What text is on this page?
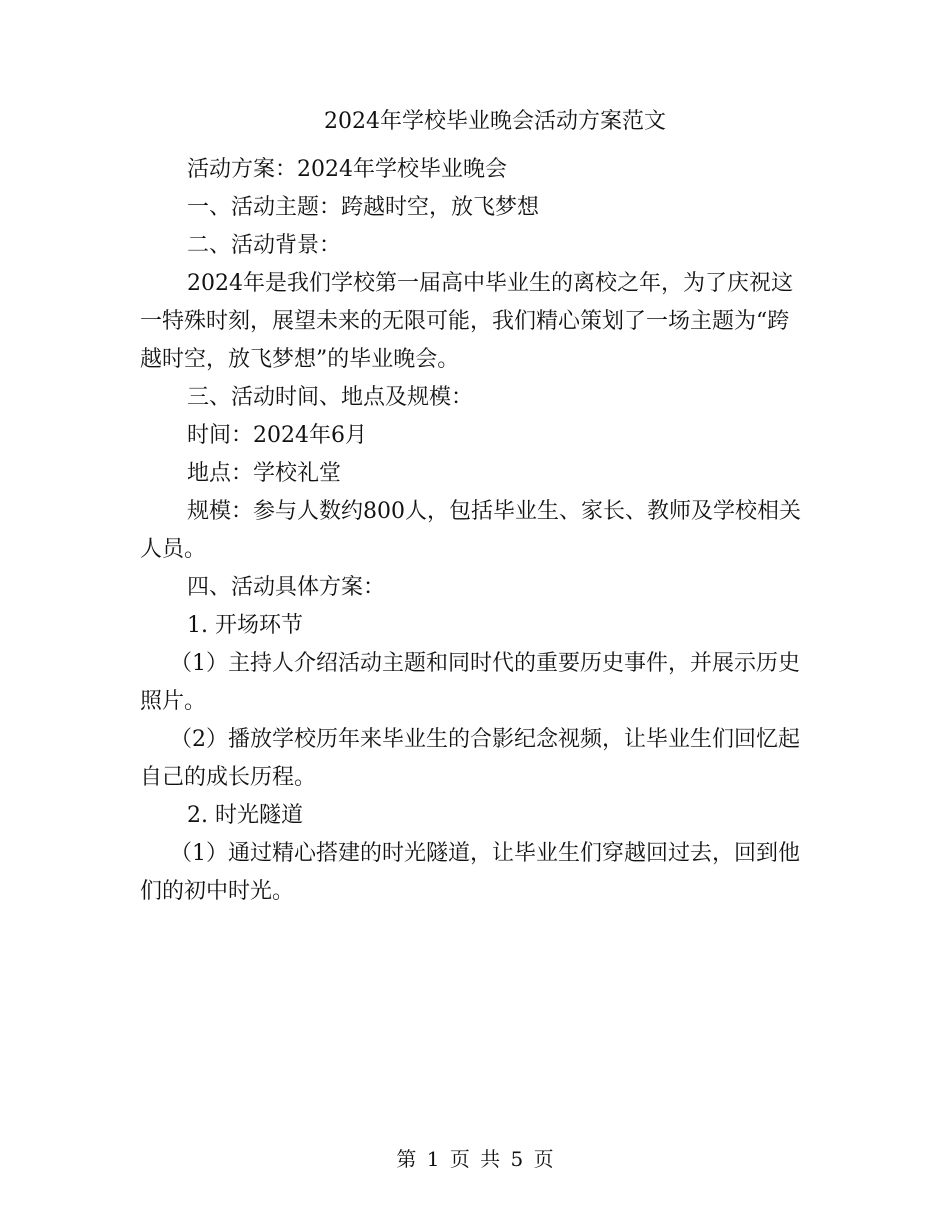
2024年学校毕业晚会活动方案范文

活动方案：2024年学校毕业晚会

一、活动主题：跨越时空，放飞梦想

二、活动背景：

2024年是我们学校第一届高中毕业生的离校之年，为了庆祝这一特殊时刻，展望未来的无限可能，我们精心策划了一场主题为“跨越时空，放飞梦想”的毕业晚会。

三、活动时间、地点及规模：

时间：2024年6月

地点：学校礼堂

规模：参与人数约800人，包括毕业生、家长、教师及学校相关人员。

四、活动具体方案：

1. 开场环节

（1）主持人介绍活动主题和同时代的重要历史事件，并展示历史照片。

（2）播放学校历年来毕业生的合影纪念视频，让毕业生们回忆起自己的成长历程。

2. 时光隧道

（1）通过精心搭建的时光隧道，让毕业生们穿越回过去，回到他们的初中时光。

第 1 页 共 5 页
